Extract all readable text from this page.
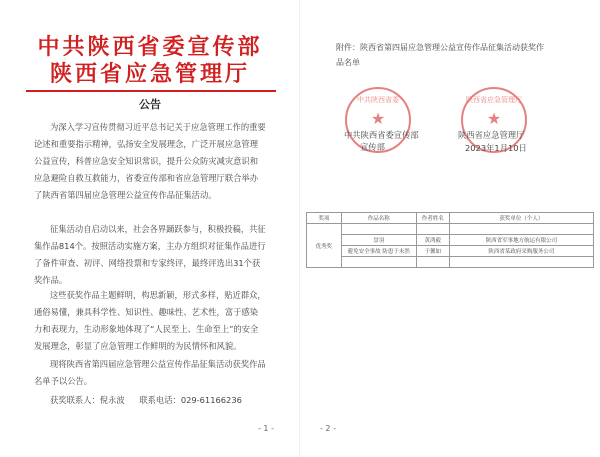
中共陕西省委宣传部
陕西省应急管理厅
公告
为深入学习宣传贯彻习近平总书记关于应急管理工作的重要论述和重要指示精神，弘扬安全发展理念，广泛开展应急管理公益宣传，科普应急安全知识常识，提升公众防灾减灾意识和应急避险自救互救能力，省委宣传部和省应急管理厅联合举办了陕西省第四届应急管理公益宣传作品征集活动。
征集活动自启动以来，社会各界踊跃参与，积极投稿，共征集作品814个。按照活动实施方案，主办方组织对征集作品进行了备件审查、初评、网络投票和专家终评，最终评选出31个获奖作品。
这些获奖作品主题鲜明，构思新颖，形式多样，贴近群众，通俗易懂，兼具科学性、知识性、趣味性、艺术性，富于感染力和表现力，生动形象地体现了“人民至上、生命至上”的安全发展理念，彰显了应急管理工作鲜明的为民情怀和风貌。
现将陕西省第四届应急管理公益宣传作品征集活动获奖作品名单予以公告。
获奖联系人：倪永波 联系电话：029-61166236
- 1 -
附件：陕西省第四届应急管理公益宣传作品征集活动获奖作
品名单
中共陕西省委
★
陕西省应急管理厅
★
中共陕西省委宣传部
宣传部
陕西省应急管理厅
2023年1月10日
奖项	作品名称	作者姓名	获奖单位（个人）
优秀奖			
	盘羽	黄鸿毅	陕西省军事地方航运有限公司
	避免安全事故 防患于未然	于馨如	陕西省某政府采购服务公司

- 2 -
